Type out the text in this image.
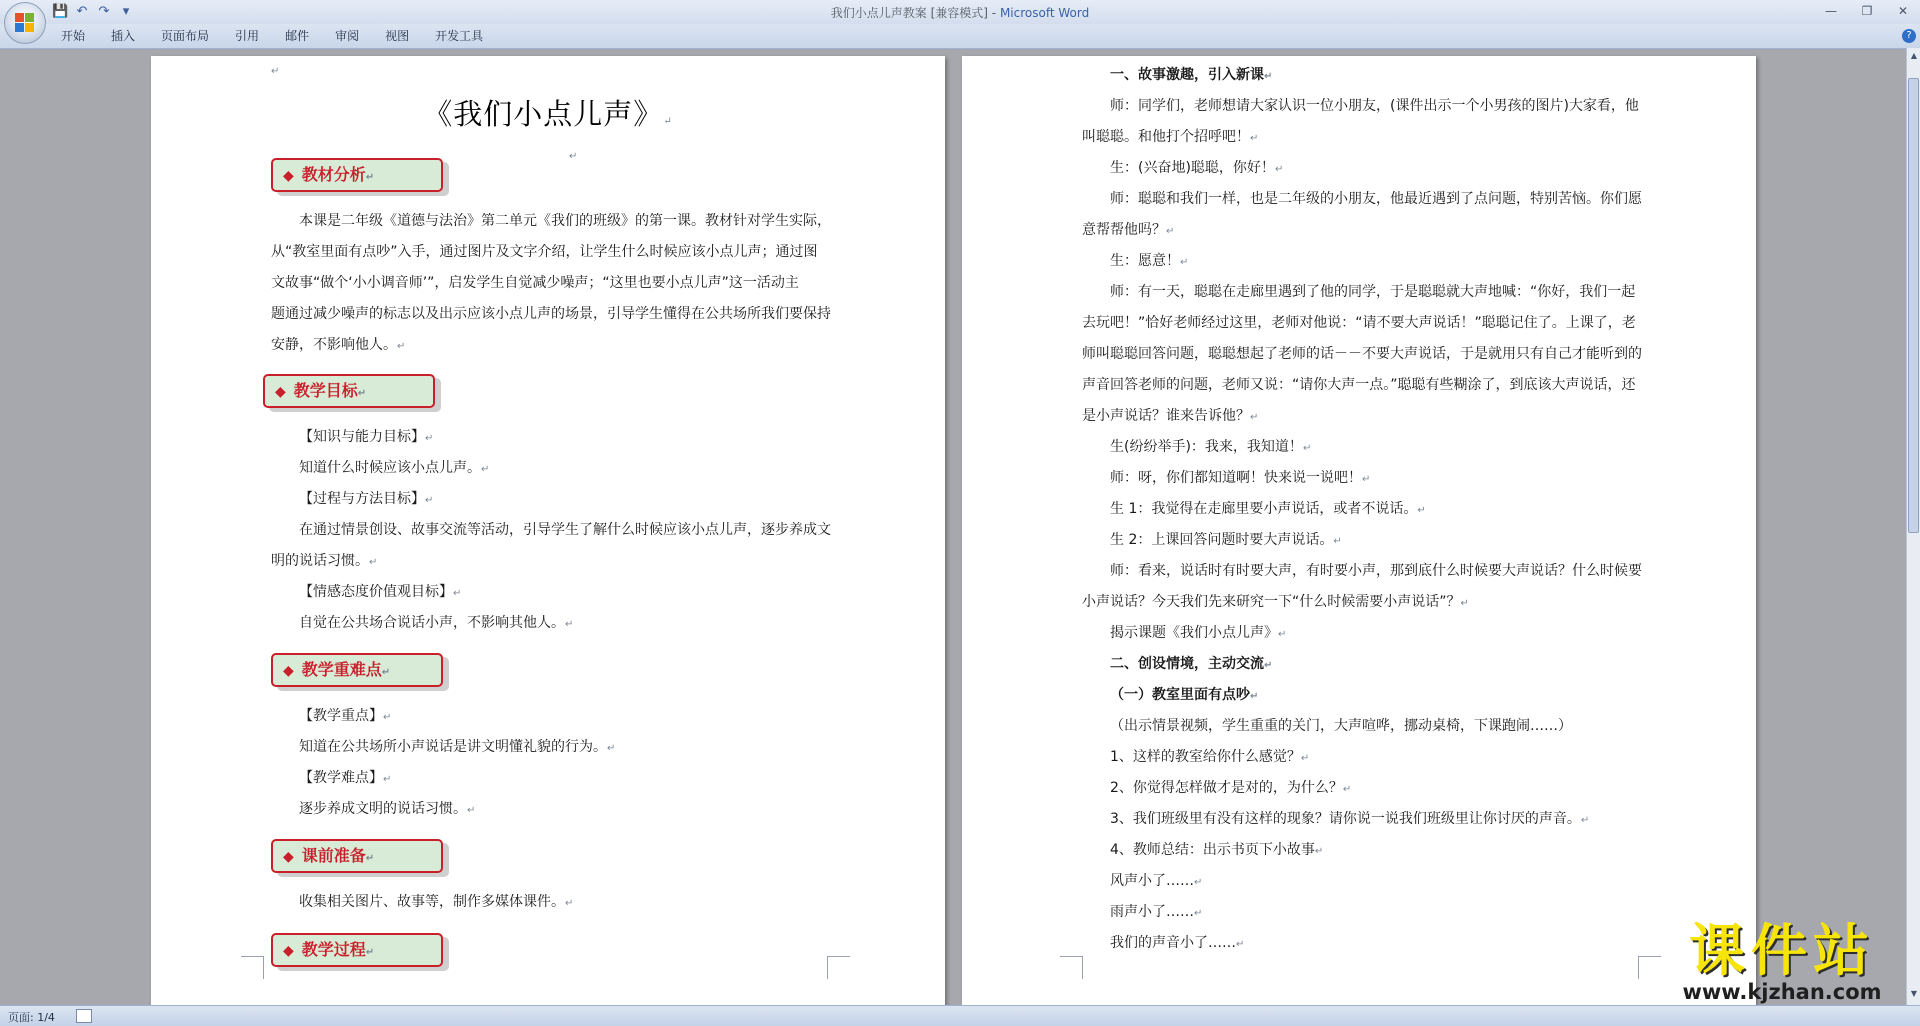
💾 ↶ ↷	▾	我们小点儿声教案 [兼容模式] - Microsoft Word	—	❐	✕
开始	插入	页面布局	引用	邮件	审阅	视图	开发工具	?
↵
《我们小点儿声》↵
↵
◆ 教材分析↵
本课是二年级《道德与法治》第二单元《我们的班级》的第一课。教材针对学生实际，
从“教室里面有点吵”入手，通过图片及文字介绍，让学生什么时候应该小点儿声；通过图
文故事“做个‘小小调音师’”，启发学生自觉减少噪声；“这里也要小点儿声”这一活动主
题通过减少噪声的标志以及出示应该小点儿声的场景，引导学生懂得在公共场所我们要保持
安静，不影响他人。↵
◆ 教学目标↵
【知识与能力目标】↵
知道什么时候应该小点儿声。↵
【过程与方法目标】↵
在通过情景创设、故事交流等活动，引导学生了解什么时候应该小点儿声，逐步养成文
明的说话习惯。↵
【情感态度价值观目标】↵
自觉在公共场合说话小声，不影响其他人。↵
◆ 教学重难点↵
【教学重点】↵
知道在公共场所小声说话是讲文明懂礼貌的行为。↵
【教学难点】↵
逐步养成文明的说话习惯。↵
◆ 课前准备↵
收集相关图片、故事等，制作多媒体课件。↵
◆ 教学过程↵
一、故事激趣，引入新课↵
师：同学们，老师想请大家认识一位小朋友，(课件出示一个小男孩的图片)大家看，他
叫聪聪。和他打个招呼吧！↵
生：(兴奋地)聪聪，你好！↵
师：聪聪和我们一样，也是二年级的小朋友，他最近遇到了点问题，特别苦恼。你们愿
意帮帮他吗？↵
生：愿意！↵
师：有一天，聪聪在走廊里遇到了他的同学，于是聪聪就大声地喊：“你好，我们一起
去玩吧！”恰好老师经过这里，老师对他说：“请不要大声说话！”聪聪记住了。上课了，老
师叫聪聪回答问题，聪聪想起了老师的话－－不要大声说话，于是就用只有自己才能听到的
声音回答老师的问题，老师又说：“请你大声一点。”聪聪有些糊涂了，到底该大声说话，还
是小声说话？谁来告诉他？↵
生(纷纷举手)：我来，我知道！↵
师：呀，你们都知道啊！快来说一说吧！↵
生 1：我觉得在走廊里要小声说话，或者不说话。↵
生 2：上课回答问题时要大声说话。↵
师：看来，说话时有时要大声，有时要小声，那到底什么时候要大声说话？什么时候要
小声说话？今天我们先来研究一下“什么时候需要小声说话”？↵
揭示课题《我们小点儿声》↵
二、创设情境，主动交流↵
（一）教室里面有点吵↵
（出示情景视频，学生重重的关门，大声喧哗，挪动桌椅，下课跑闹……）
1、这样的教室给你什么感觉？↵
2、你觉得怎样做才是对的，为什么？↵
3、我们班级里有没有这样的现象？请你说一说我们班级里让你讨厌的声音。↵
4、教师总结：出示书页下小故事↵
风声小了……↵
雨声小了……↵
我们的声音小了……↵
▲
▼
课件站
www.kjzhan.com
页面: 1/4
